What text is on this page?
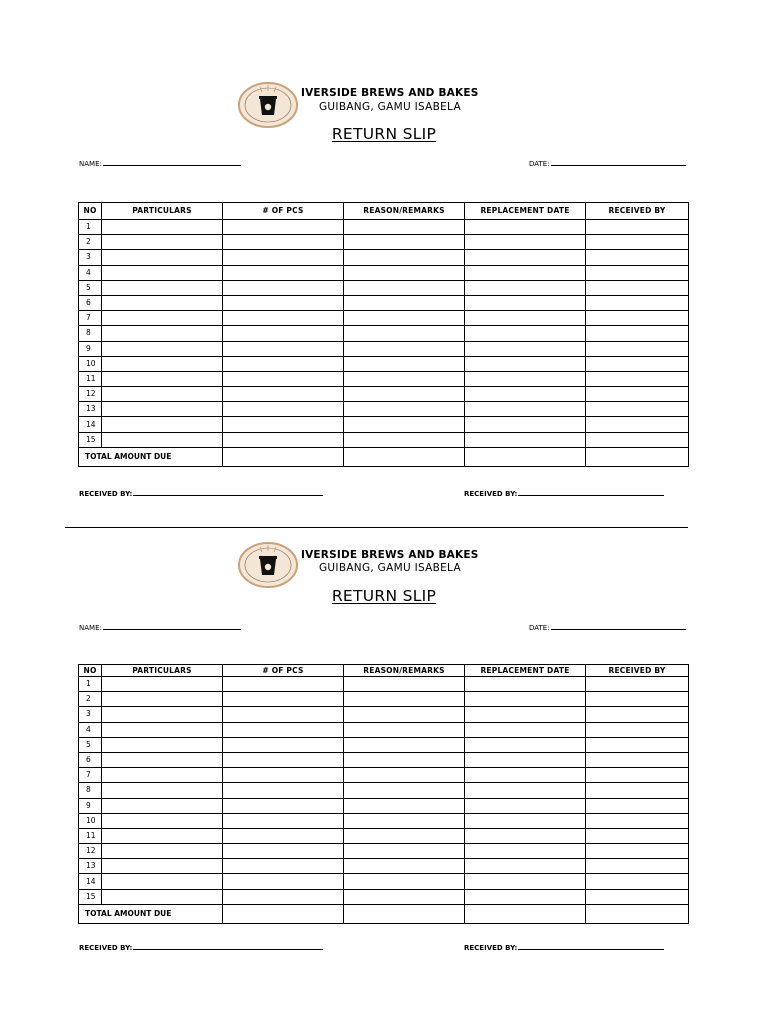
IVERSIDE BREWS AND BAKES
GUIBANG, GAMU ISABELA
RETURN SLIP
NAME:	DATE:
NO	PARTICULARS	# OF PCS	REASON/REMARKS	REPLACEMENT DATE	RECEIVED BY
1					
2					
3					
4					
5					
6					
7					
8					
9					
10					
11					
12					
13					
14					
15					
TOTAL AMOUNT DUE					
RECEIVED BY:	RECEIVED BY:
IVERSIDE BREWS AND BAKES
GUIBANG, GAMU ISABELA
RETURN SLIP
NAME:	DATE:
NO	PARTICULARS	# OF PCS	REASON/REMARKS	REPLACEMENT DATE	RECEIVED BY
1					
2					
3					
4					
5					
6					
7					
8					
9					
10					
11					
12					
13					
14					
15					
TOTAL AMOUNT DUE					
RECEIVED BY:	RECEIVED BY:
